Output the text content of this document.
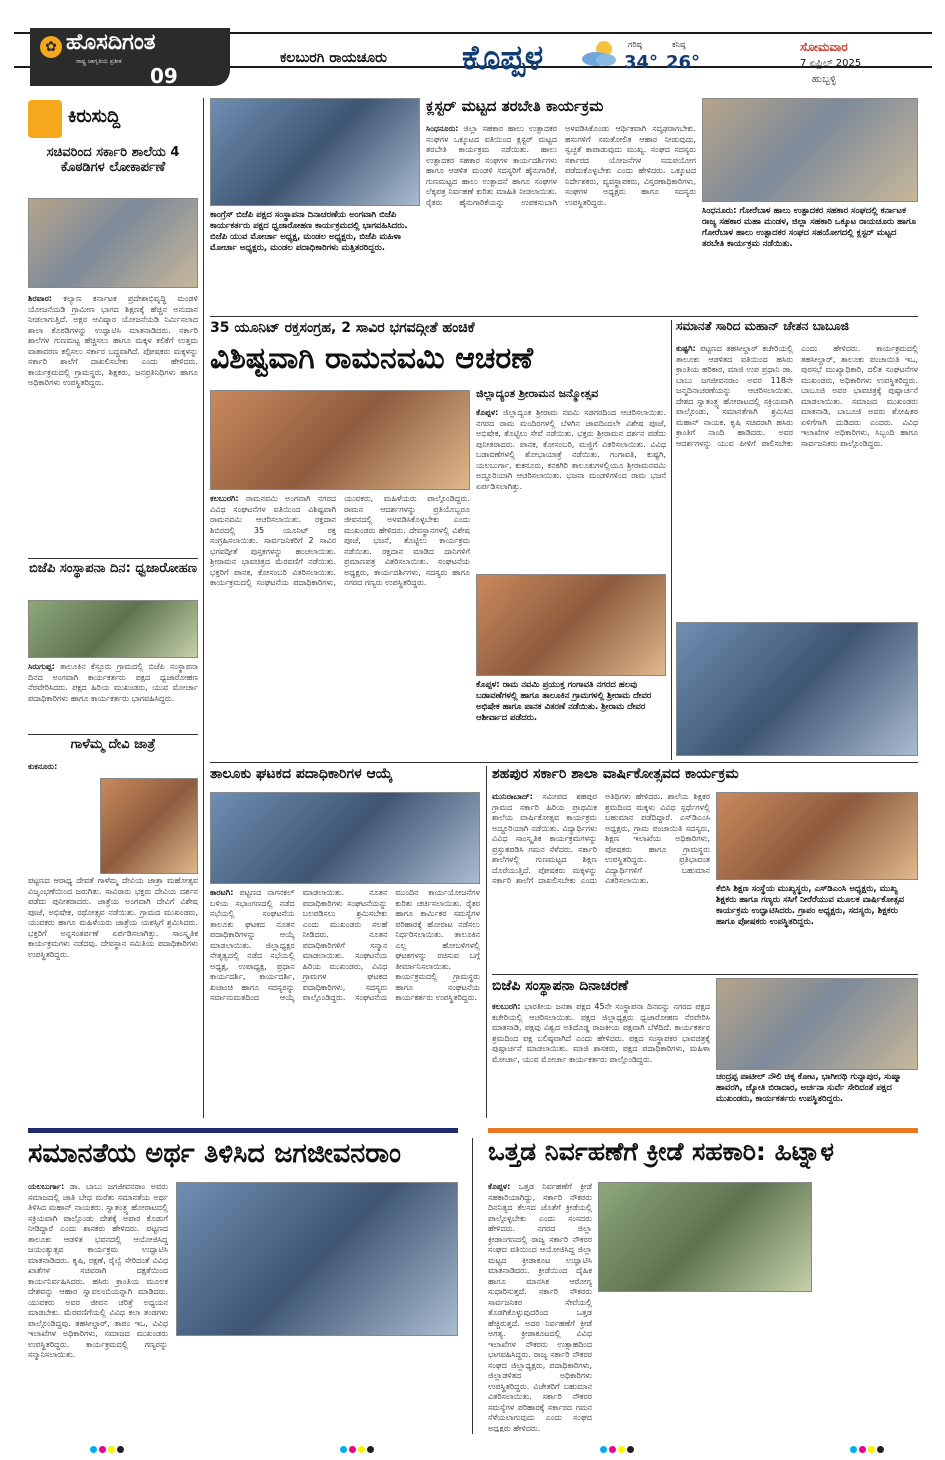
✿ ಹೊಸದಿಗಂತ
ರಾಷ್ಟ್ರ ಜಾಗೃತಿಯ ಪ್ರತೀಕ
09
ಕಲಬುರಗಿ ರಾಯಚೂರು ಕೊಪ್ಪಳ	ಗರಿಷ್ಠ	ಕನಿಷ್ಠ
34° 26°
ಸೋಮವಾರ
7 ಏಪ್ರಿಲ್ 2025
ಹುಬ್ಬಳ್ಳಿ
ಕಿರುಸುದ್ದಿ
ಸಚಿವರಿಂದ ಸರ್ಕಾರಿ ಶಾಲೆಯ 4 ಕೊಠಡಿಗಳ ಲೋಕಾರ್ಪಣೆ
ಶಿರವಾರ: ಕಲ್ಯಾಣ ಕರ್ನಾಟಕ ಪ್ರದೇಶಾಭಿವೃದ್ಧಿ ಮಂಡಳಿ ಯೋಜನೆಯಡಿ ಗ್ರಾಮೀಣ ಭಾಗದ ಶಿಕ್ಷಣಕ್ಕೆ ಹೆಚ್ಚಿನ ಅನುದಾನ ನೀಡಲಾಗುತ್ತಿದೆ. ಅಕ್ಷರ ಆವಿಷ್ಕಾರ ಯೋಜನೆಯಡಿ ನಿರ್ಮಿಸಲಾದ ಶಾಲಾ ಕೊಠಡಿಗಳನ್ನು ಉದ್ಘಾಟಿಸಿ ಮಾತನಾಡಿದರು. ಸರ್ಕಾರಿ ಶಾಲೆಗಳ ಗುಣಮಟ್ಟ ಹೆಚ್ಚಿಸಲು ಹಾಗೂ ಮಕ್ಕಳ ಕಲಿಕೆಗೆ ಉತ್ತಮ ವಾತಾವರಣ ಕಲ್ಪಿಸಲು ಸರ್ಕಾರ ಬದ್ಧವಾಗಿದೆ. ಪೋಷಕರು ಮಕ್ಕಳನ್ನು ಸರ್ಕಾರಿ ಶಾಲೆಗೆ ದಾಖಲಿಸಬೇಕು ಎಂದು ಹೇಳಿದರು. ಕಾರ್ಯಕ್ರಮದಲ್ಲಿ ಗ್ರಾಮಸ್ಥರು, ಶಿಕ್ಷಕರು, ಜನಪ್ರತಿನಿಧಿಗಳು ಹಾಗೂ ಅಧಿಕಾರಿಗಳು ಉಪಸ್ಥಿತರಿದ್ದರು.
ಬಿಜೆಪಿ ಸಂಸ್ಥಾಪನಾ ದಿನ: ಧ್ವಜಾರೋಹಣ
ಸಿರುಗುಪ್ಪ: ತಾಲೂಕಿನ ಕೆಸ್ತೂರು ಗ್ರಾಮದಲ್ಲಿ ಬಿಜೆಪಿ ಸಂಸ್ಥಾಪನಾ ದಿನದ ಅಂಗವಾಗಿ ಕಾರ್ಯಕರ್ತರು ಪಕ್ಷದ ಧ್ವಜಾರೋಹಣ ನೆರವೇರಿಸಿದರು. ಪಕ್ಷದ ಹಿರಿಯ ಮುಖಂಡರು, ಯುವ ಮೋರ್ಚಾ ಪದಾಧಿಕಾರಿಗಳು ಹಾಗೂ ಕಾರ್ಯಕರ್ತರು ಭಾಗವಹಿಸಿದ್ದರು.
ಗಾಳೆಮ್ಮ ದೇವಿ ಜಾತ್ರೆ
ಕುಕನೂರು:
ಪಟ್ಟಣದ ಆರಾಧ್ಯ ದೇವತೆ ಗಾಳೆಮ್ಮ ದೇವಿಯ ಜಾತ್ರಾ ಮಹೋತ್ಸವ ವಿಜೃಂಭಣೆಯಿಂದ ಜರುಗಿತು. ಸಾವಿರಾರು ಭಕ್ತರು ದೇವಿಯ ದರ್ಶನ ಪಡೆದು ಪುನೀತರಾದರು. ಜಾತ್ರೆಯ ಅಂಗವಾಗಿ ದೇವಿಗೆ ವಿಶೇಷ ಪೂಜೆ, ಅಭಿಷೇಕ, ರಥೋತ್ಸವ ನಡೆಯಿತು. ಗ್ರಾಮದ ಮುಖಂಡರು, ಯುವಕರು ಹಾಗೂ ಮಹಿಳೆಯರು ಜಾತ್ರೆಯ ಯಶಸ್ಸಿಗೆ ಶ್ರಮಿಸಿದರು. ಭಕ್ತರಿಗೆ ಅನ್ನಸಂತರ್ಪಣೆ ಏರ್ಪಡಿಸಲಾಗಿತ್ತು. ಸಾಂಸ್ಕೃತಿಕ ಕಾರ್ಯಕ್ರಮಗಳು ನಡೆದವು. ದೇವಸ್ಥಾನ ಸಮಿತಿಯ ಪದಾಧಿಕಾರಿಗಳು ಉಪಸ್ಥಿತರಿದ್ದರು.
ಕಾಂಗ್ರೆಸ್ ಬಿಜೆಪಿ ಪಕ್ಷದ ಸಂಸ್ಥಾಪನಾ ದಿನಾಚರಣೆಯ ಅಂಗವಾಗಿ ಬಿಜೆಪಿ ಕಾರ್ಯಕರ್ತರು ಪಕ್ಷದ ಧ್ವಜಾರೋಹಣ ಕಾರ್ಯಕ್ರಮದಲ್ಲಿ ಭಾಗವಹಿಸಿದರು. ಬಿಜೆಪಿ ಯುವ ಮೋರ್ಚಾ ಅಧ್ಯಕ್ಷ, ಮಂಡಲ ಅಧ್ಯಕ್ಷರು, ಬಿಜೆಪಿ ಮಹಿಳಾ ಮೋರ್ಚಾ ಅಧ್ಯಕ್ಷರು, ಮಂಡಲ ಪದಾಧಿಕಾರಿಗಳು ಮತ್ತಿತರರಿದ್ದರು.
ಕ್ಲಸ್ಟರ್ ಮಟ್ಟದ ತರಬೇತಿ ಕಾರ್ಯಕ್ರಮ
ಸಿಂಧನೂರು: ಜಿಲ್ಲಾ ಸಹಕಾರ ಹಾಲು ಉತ್ಪಾದಕರ ಸಂಘಗಳ ಒಕ್ಕೂಟದ ವತಿಯಿಂದ ಕ್ಲಸ್ಟರ್ ಮಟ್ಟದ ತರಬೇತಿ ಕಾರ್ಯಕ್ರಮ ನಡೆಯಿತು. ಹಾಲು ಉತ್ಪಾದಕರ ಸಹಕಾರ ಸಂಘಗಳ ಕಾರ್ಯದರ್ಶಿಗಳು ಹಾಗೂ ಆಡಳಿತ ಮಂಡಳಿ ಸದಸ್ಯರಿಗೆ ಹೈನುಗಾರಿಕೆ, ಗುಣಮಟ್ಟದ ಹಾಲು ಉತ್ಪಾದನೆ ಹಾಗೂ ಸಂಘಗಳ ಲೆಕ್ಕಪತ್ರ ನಿರ್ವಹಣೆ ಕುರಿತು ಮಾಹಿತಿ ನೀಡಲಾಯಿತು. ರೈತರು ಹೈನುಗಾರಿಕೆಯನ್ನು ಉಪಕಸುಬಾಗಿ ಅಳವಡಿಸಿಕೊಂಡು ಆರ್ಥಿಕವಾಗಿ ಸದೃಢರಾಗಬೇಕು. ಹಸುಗಳಿಗೆ ಸಮತೋಲಿತ ಆಹಾರ ನೀಡುವುದು, ಸ್ವಚ್ಛತೆ ಕಾಪಾಡುವುದು ಮುಖ್ಯ. ಸಂಘದ ಸದಸ್ಯರು ಸರ್ಕಾರದ ಯೋಜನೆಗಳ ಸದುಪಯೋಗ ಪಡೆದುಕೊಳ್ಳಬೇಕು ಎಂದು ಹೇಳಿದರು. ಒಕ್ಕೂಟದ ನಿರ್ದೇಶಕರು, ವ್ಯವಸ್ಥಾಪಕರು, ವಿಸ್ತರಣಾಧಿಕಾರಿಗಳು, ಸಂಘಗಳ ಅಧ್ಯಕ್ಷರು ಹಾಗೂ ಸದಸ್ಯರು ಉಪಸ್ಥಿತರಿದ್ದರು.
ಸಿಂಧನೂರು: ಗೋರೆಬಾಳ ಹಾಲು ಉತ್ಪಾದಕರ ಸಹಕಾರ ಸಂಘದಲ್ಲಿ ಕರ್ನಾಟಕ ರಾಜ್ಯ ಸಹಕಾರ ಮಹಾ ಮಂಡಳ, ಜಿಲ್ಲಾ ಸಹಕಾರಿ ಒಕ್ಕೂಟ ರಾಯಚೂರು ಹಾಗೂ ಗೋರೆಬಾಳ ಹಾಲು ಉತ್ಪಾದಕರ ಸಂಘದ ಸಹಯೋಗದಲ್ಲಿ ಕ್ಲಸ್ಟರ್ ಮಟ್ಟದ ತರಬೇತಿ ಕಾರ್ಯಕ್ರಮ ನಡೆಯಿತು.
35 ಯೂನಿಟ್ ರಕ್ತಸಂಗ್ರಹ, 2 ಸಾವಿರ ಭಗವದ್ಗೀತೆ ಹಂಚಿಕೆ
ವಿಶಿಷ್ಟವಾಗಿ ರಾಮನವಮಿ ಆಚರಣೆ
ಕಲಬುರಗಿ: ರಾಮನವಮಿ ಅಂಗವಾಗಿ ನಗರದ ವಿವಿಧ ಸಂಘಟನೆಗಳ ವತಿಯಿಂದ ವಿಶಿಷ್ಟವಾಗಿ ರಾಮನವಮಿ ಆಚರಿಸಲಾಯಿತು. ರಕ್ತದಾನ ಶಿಬಿರದಲ್ಲಿ 35 ಯೂನಿಟ್ ರಕ್ತ ಸಂಗ್ರಹಿಸಲಾಯಿತು. ಸಾರ್ವಜನಿಕರಿಗೆ 2 ಸಾವಿರ ಭಗವದ್ಗೀತೆ ಪುಸ್ತಕಗಳನ್ನು ಹಂಚಲಾಯಿತು. ಶ್ರೀರಾಮನ ಭಾವಚಿತ್ರದ ಮೆರವಣಿಗೆ ನಡೆಯಿತು. ಭಕ್ತರಿಗೆ ಪಾನಕ, ಕೋಸಂಬರಿ ವಿತರಿಸಲಾಯಿತು. ಕಾರ್ಯಕ್ರಮದಲ್ಲಿ ಸಂಘಟನೆಯ ಪದಾಧಿಕಾರಿಗಳು, ಯುವಕರು, ಮಹಿಳೆಯರು ಪಾಲ್ಗೊಂಡಿದ್ದರು. ರಾಮನ ಆದರ್ಶಗಳನ್ನು ಪ್ರತಿಯೊಬ್ಬರೂ ಜೀವನದಲ್ಲಿ ಅಳವಡಿಸಿಕೊಳ್ಳಬೇಕು ಎಂದು ಮುಖಂಡರು ಹೇಳಿದರು. ದೇವಸ್ಥಾನಗಳಲ್ಲಿ ವಿಶೇಷ ಪೂಜೆ, ಭಜನೆ, ತೊಟ್ಟಿಲು ಕಾರ್ಯಕ್ರಮ ನಡೆಯಿತು. ರಕ್ತದಾನ ಮಾಡಿದ ದಾನಿಗಳಿಗೆ ಪ್ರಮಾಣಪತ್ರ ವಿತರಿಸಲಾಯಿತು. ಸಂಘಟನೆಯ ಅಧ್ಯಕ್ಷರು, ಕಾರ್ಯದರ್ಶಿಗಳು, ಸದಸ್ಯರು ಹಾಗೂ ನಗರದ ಗಣ್ಯರು ಉಪಸ್ಥಿತರಿದ್ದರು.
ಜಿಲ್ಲಾದ್ಯಂತ ಶ್ರೀರಾಮನ ಜನ್ಮೋತ್ಸವ
ಕೊಪ್ಪಳ: ಜಿಲ್ಲಾದ್ಯಂತ ಶ್ರೀರಾಮ ನವಮಿ ಸಡಗರದಿಂದ ಆಚರಿಸಲಾಯಿತು. ನಗರದ ರಾಮ ಮಂದಿರಗಳಲ್ಲಿ ಬೆಳಗಿನ ಜಾವದಿಂದಲೇ ವಿಶೇಷ ಪೂಜೆ, ಅಭಿಷೇಕ, ತೊಟ್ಟಿಲು ಸೇವೆ ನಡೆಯಿತು. ಭಕ್ತರು ಶ್ರೀರಾಮನ ದರ್ಶನ ಪಡೆದು ಪುನೀತರಾದರು. ಪಾನಕ, ಕೋಸಂಬರಿ, ಮಜ್ಜಿಗೆ ವಿತರಿಸಲಾಯಿತು. ವಿವಿಧ ಬಡಾವಣೆಗಳಲ್ಲಿ ಶೋಭಾಯಾತ್ರೆ ನಡೆಯಿತು. ಗಂಗಾವತಿ, ಕುಷ್ಟಗಿ, ಯಲಬುರ್ಗಾ, ಕುಕನೂರು, ಕನಕಗಿರಿ ತಾಲೂಕುಗಳಲ್ಲಿಯೂ ಶ್ರೀರಾಮನವಮಿ ಅದ್ದೂರಿಯಾಗಿ ಆಚರಿಸಲಾಯಿತು. ಭಜನಾ ಮಂಡಳಿಗಳಿಂದ ರಾಮ ಭಜನೆ ಏರ್ಪಡಿಸಲಾಗಿತ್ತು.
ಕೊಪ್ಪಳ: ರಾಮ ನವಮಿ ಪ್ರಯುಕ್ತ ಗಂಗಾವತಿ ನಗರದ ಹಲವು ಬಡಾವಣೆಗಳಲ್ಲಿ ಹಾಗೂ ತಾಲೂಕಿನ ಗ್ರಾಮಗಳಲ್ಲಿ ಶ್ರೀರಾಮ ದೇವರ ಅಭಿಷೇಕ ಹಾಗೂ ಪಾನಕ ವಿತರಣೆ ನಡೆಯಿತು. ಶ್ರೀರಾಮ ದೇವರ ಆಶೀರ್ವಾದ ಪಡೆದರು.
ಸಮಾನತೆ ಸಾರಿದ ಮಹಾನ್ ಚೇತನ ಬಾಬೂಜಿ
ಕುಷ್ಟಗಿ: ಪಟ್ಟಣದ ತಹಸೀಲ್ದಾರ್ ಕಚೇರಿಯಲ್ಲಿ ತಾಲೂಕು ಆಡಳಿತದ ವತಿಯಿಂದ ಹಸಿರು ಕ್ರಾಂತಿಯ ಹರಿಕಾರ, ಮಾಜಿ ಉಪ ಪ್ರಧಾನಿ ಡಾ. ಬಾಬು ಜಗಜೀವನರಾಂ ಅವರ 118ನೇ ಜನ್ಮದಿನಾಚರಣೆಯನ್ನು ಆಚರಿಸಲಾಯಿತು. ದೇಶದ ಸ್ವಾತಂತ್ರ್ಯ ಹೋರಾಟದಲ್ಲಿ ಸಕ್ರಿಯವಾಗಿ ಪಾಲ್ಗೊಂಡು, ಸಮಾನತೆಗಾಗಿ ಶ್ರಮಿಸಿದ ಮಹಾನ್ ನಾಯಕ. ಕೃಷಿ ಸಚಿವರಾಗಿ ಹಸಿರು ಕ್ರಾಂತಿಗೆ ನಾಂದಿ ಹಾಡಿದರು. ಅವರ ಆದರ್ಶಗಳನ್ನು ಯುವ ಪೀಳಿಗೆ ಪಾಲಿಸಬೇಕು ಎಂದು ಹೇಳಿದರು. ಕಾರ್ಯಕ್ರಮದಲ್ಲಿ ತಹಸೀಲ್ದಾರ್, ತಾಲೂಕು ಪಂಚಾಯಿತಿ ಇಒ, ಪುರಸಭೆ ಮುಖ್ಯಾಧಿಕಾರಿ, ದಲಿತ ಸಂಘಟನೆಗಳ ಮುಖಂಡರು, ಅಧಿಕಾರಿಗಳು ಉಪಸ್ಥಿತರಿದ್ದರು. ಬಾಬೂಜಿ ಅವರ ಭಾವಚಿತ್ರಕ್ಕೆ ಪುಷ್ಪಾರ್ಚನೆ ಮಾಡಲಾಯಿತು. ಸಮಾಜದ ಮುಖಂಡರು ಮಾತನಾಡಿ, ಬಾಬೂಜಿ ಅವರು ಶೋಷಿತರ ಏಳಿಗೆಗಾಗಿ ದುಡಿದರು ಎಂದರು. ವಿವಿಧ ಇಲಾಖೆಗಳ ಅಧಿಕಾರಿಗಳು, ಸಿಬ್ಬಂದಿ ಹಾಗೂ ಸಾರ್ವಜನಿಕರು ಪಾಲ್ಗೊಂಡಿದ್ದರು.
ತಾಲೂಕು ಘಟಕದ ಪದಾಧಿಕಾರಿಗಳ ಆಯ್ಕೆ
ಕಾರಟಗಿ: ಪಟ್ಟಣದ ನಾಗನಕಲ್ ಬಳಿಯ ಸಭಾಂಗಣದಲ್ಲಿ ನಡೆದ ಸಭೆಯಲ್ಲಿ ಸಂಘಟನೆಯ ತಾಲೂಕು ಘಟಕದ ನೂತನ ಪದಾಧಿಕಾರಿಗಳನ್ನು ಆಯ್ಕೆ ಮಾಡಲಾಯಿತು. ಜಿಲ್ಲಾಧ್ಯಕ್ಷರ ನೇತೃತ್ವದಲ್ಲಿ ನಡೆದ ಸಭೆಯಲ್ಲಿ ಅಧ್ಯಕ್ಷ, ಉಪಾಧ್ಯಕ್ಷ, ಪ್ರಧಾನ ಕಾರ್ಯದರ್ಶಿ, ಕಾರ್ಯದರ್ಶಿ, ಖಜಾಂಚಿ ಹಾಗೂ ಸದಸ್ಯರನ್ನು ಸರ್ವಾನುಮತದಿಂದ ಆಯ್ಕೆ ಮಾಡಲಾಯಿತು. ನೂತನ ಪದಾಧಿಕಾರಿಗಳು ಸಂಘಟನೆಯನ್ನು ಬಲಪಡಿಸಲು ಶ್ರಮಿಸಬೇಕು ಎಂದು ಮುಖಂಡರು ಸಲಹೆ ನೀಡಿದರು. ನೂತನ ಪದಾಧಿಕಾರಿಗಳಿಗೆ ಸನ್ಮಾನ ಮಾಡಲಾಯಿತು. ಸಂಘಟನೆಯ ಹಿರಿಯ ಮುಖಂಡರು, ವಿವಿಧ ಗ್ರಾಮಗಳ ಘಟಕದ ಪದಾಧಿಕಾರಿಗಳು, ಸದಸ್ಯರು ಪಾಲ್ಗೊಂಡಿದ್ದರು. ಸಂಘಟನೆಯ ಮುಂದಿನ ಕಾರ್ಯಯೋಜನೆಗಳ ಕುರಿತು ಚರ್ಚಿಸಲಾಯಿತು. ರೈತರ ಹಾಗೂ ಕಾರ್ಮಿಕರ ಸಮಸ್ಯೆಗಳ ಪರಿಹಾರಕ್ಕೆ ಹೋರಾಟ ನಡೆಸಲು ನಿರ್ಧರಿಸಲಾಯಿತು. ತಾಲೂಕಿನ ಎಲ್ಲ ಹೋಬಳಿಗಳಲ್ಲಿ ಘಟಕಗಳನ್ನು ರಚಿಸುವ ಬಗ್ಗೆ ತೀರ್ಮಾನಿಸಲಾಯಿತು. ಕಾರ್ಯಕ್ರಮದಲ್ಲಿ ಗ್ರಾಮಸ್ಥರು ಹಾಗೂ ಸಂಘಟನೆಯ ಕಾರ್ಯಕರ್ತರು ಉಪಸ್ಥಿತರಿದ್ದರು.
ಶಹಪುರ ಸರ್ಕಾರಿ ಶಾಲಾ ವಾರ್ಷಿಕೋತ್ಸವದ ಕಾರ್ಯಕ್ರಮ
ಮುನಿರಾಬಾದ್: ಸಮೀಪದ ಶಹಪುರ ಗ್ರಾಮದ ಸರ್ಕಾರಿ ಹಿರಿಯ ಪ್ರಾಥಮಿಕ ಶಾಲೆಯ ವಾರ್ಷಿಕೋತ್ಸವ ಕಾರ್ಯಕ್ರಮ ಅದ್ದೂರಿಯಾಗಿ ನಡೆಯಿತು. ವಿದ್ಯಾರ್ಥಿಗಳು ವಿವಿಧ ಸಾಂಸ್ಕೃತಿಕ ಕಾರ್ಯಕ್ರಮಗಳನ್ನು ಪ್ರಸ್ತುತಪಡಿಸಿ ಗಮನ ಸೆಳೆದರು. ಸರ್ಕಾರಿ ಶಾಲೆಗಳಲ್ಲಿ ಗುಣಮಟ್ಟದ ಶಿಕ್ಷಣ ದೊರೆಯುತ್ತಿದೆ. ಪೋಷಕರು ಮಕ್ಕಳನ್ನು ಸರ್ಕಾರಿ ಶಾಲೆಗೆ ದಾಖಲಿಸಬೇಕು ಎಂದು ಅತಿಥಿಗಳು ಹೇಳಿದರು. ಶಾಲೆಯ ಶಿಕ್ಷಕರ ಶ್ರಮದಿಂದ ಮಕ್ಕಳು ವಿವಿಧ ಸ್ಪರ್ಧೆಗಳಲ್ಲಿ ಬಹುಮಾನ ಪಡೆದಿದ್ದಾರೆ. ಎಸ್‌ಡಿಎಂಸಿ ಅಧ್ಯಕ್ಷರು, ಗ್ರಾಮ ಪಂಚಾಯಿತಿ ಸದಸ್ಯರು, ಶಿಕ್ಷಣ ಇಲಾಖೆಯ ಅಧಿಕಾರಿಗಳು, ಪೋಷಕರು ಹಾಗೂ ಗ್ರಾಮಸ್ಥರು ಉಪಸ್ಥಿತರಿದ್ದರು. ಪ್ರತಿಭಾವಂತ ವಿದ್ಯಾರ್ಥಿಗಳಿಗೆ ಬಹುಮಾನ ವಿತರಿಸಲಾಯಿತು.
ಕೆಬಿಸಿ ಶಿಕ್ಷಣ ಸಂಸ್ಥೆಯ ಮುಖ್ಯಸ್ಥರು, ಎಸ್‌ಡಿಎಂಸಿ ಅಧ್ಯಕ್ಷರು, ಮುಖ್ಯ ಶಿಕ್ಷಕರು ಹಾಗೂ ಗಣ್ಯರು ಸಸಿಗೆ ನೀರೆರೆಯುವ ಮೂಲಕ ವಾರ್ಷಿಕೋತ್ಸವ ಕಾರ್ಯಕ್ರಮ ಉದ್ಘಾಟಿಸಿದರು. ಗ್ರಾಪಂ ಅಧ್ಯಕ್ಷರು, ಸದಸ್ಯರು, ಶಿಕ್ಷಕರು ಹಾಗೂ ಪೋಷಕರು ಉಪಸ್ಥಿತರಿದ್ದರು.
ಬಿಜೆಪಿ ಸಂಸ್ಥಾಪನಾ ದಿನಾಚರಣೆ
ಕಲಬುರಗಿ: ಭಾರತೀಯ ಜನತಾ ಪಕ್ಷದ 45ನೇ ಸಂಸ್ಥಾಪನಾ ದಿನವನ್ನು ನಗರದ ಪಕ್ಷದ ಕಚೇರಿಯಲ್ಲಿ ಆಚರಿಸಲಾಯಿತು. ಪಕ್ಷದ ಜಿಲ್ಲಾಧ್ಯಕ್ಷರು ಧ್ವಜಾರೋಹಣ ನೆರವೇರಿಸಿ ಮಾತನಾಡಿ, ಪಕ್ಷವು ವಿಶ್ವದ ಅತಿದೊಡ್ಡ ರಾಜಕೀಯ ಪಕ್ಷವಾಗಿ ಬೆಳೆದಿದೆ. ಕಾರ್ಯಕರ್ತರ ಶ್ರಮದಿಂದ ಪಕ್ಷ ಬಲಿಷ್ಠವಾಗಿದೆ ಎಂದು ಹೇಳಿದರು. ಪಕ್ಷದ ಸಂಸ್ಥಾಪಕರ ಭಾವಚಿತ್ರಕ್ಕೆ ಪುಷ್ಪಾರ್ಚನೆ ಮಾಡಲಾಯಿತು. ಮಾಜಿ ಶಾಸಕರು, ಪಕ್ಷದ ಪದಾಧಿಕಾರಿಗಳು, ಮಹಿಳಾ ಮೋರ್ಚಾ, ಯುವ ಮೋರ್ಚಾ ಕಾರ್ಯಕರ್ತರು ಪಾಲ್ಗೊಂಡಿದ್ದರು.
ಚಂದ್ರಪ್ಪ ಪಾಟೀಲ್ ನೌಲಿ ಚಿಕ್ಕ ಕೋಟ, ಭಾಗೀರಥಿ ಗುನ್ನಾಪುರ, ಸುಷ್ಮಾ ಹಾವರಗಿ, ಜ್ಯೋತಿ ಬಿರಾದಾರ, ಅರ್ಚನಾ ಸುರ್ವೆ ಸೇರಿದಂತೆ ಪಕ್ಷದ ಮುಖಂಡರು, ಕಾರ್ಯಕರ್ತರು ಉಪಸ್ಥಿತರಿದ್ದರು.
ಸಮಾನತೆಯ ಅರ್ಥ ತಿಳಿಸಿದ ಜಗಜೀವನರಾಂ
ಯಲಬುರ್ಗಾ: ಡಾ. ಬಾಬು ಜಗಜೀವನರಾಂ ಅವರು ಸಮಾಜದಲ್ಲಿ ಜಾತಿ ಬೇಧ ಮರೆತು ಸಮಾನತೆಯ ಅರ್ಥ ತಿಳಿಸಿದ ಮಹಾನ್ ನಾಯಕರು. ಸ್ವಾತಂತ್ರ್ಯ ಹೋರಾಟದಲ್ಲಿ ಸಕ್ರಿಯವಾಗಿ ಪಾಲ್ಗೊಂಡು ದೇಶಕ್ಕೆ ಅಪಾರ ಕೊಡುಗೆ ನೀಡಿದ್ದಾರೆ ಎಂದು ಶಾಸಕರು ಹೇಳಿದರು. ಪಟ್ಟಣದ ತಾಲೂಕು ಆಡಳಿತ ಭವನದಲ್ಲಿ ಆಯೋಜಿಸಿದ್ದ ಜಯಂತ್ಯುತ್ಸವ ಕಾರ್ಯಕ್ರಮ ಉದ್ಘಾಟಿಸಿ ಮಾತನಾಡಿದರು. ಕೃಷಿ, ರಕ್ಷಣೆ, ರೈಲ್ವೆ ಸೇರಿದಂತೆ ವಿವಿಧ ಖಾತೆಗಳ ಸಚಿವರಾಗಿ ದಕ್ಷತೆಯಿಂದ ಕಾರ್ಯನಿರ್ವಹಿಸಿದರು. ಹಸಿರು ಕ್ರಾಂತಿಯ ಮೂಲಕ ದೇಶವನ್ನು ಆಹಾರ ಸ್ವಾವಲಂಬಿಯನ್ನಾಗಿ ಮಾಡಿದರು. ಯುವಕರು ಅವರ ಜೀವನ ಚರಿತ್ರೆ ಅಧ್ಯಯನ ಮಾಡಬೇಕು. ಮೆರವಣಿಗೆಯಲ್ಲಿ ವಿವಿಧ ಕಲಾ ತಂಡಗಳು ಪಾಲ್ಗೊಂಡಿದ್ದವು. ತಹಸೀಲ್ದಾರ್, ತಾಪಂ ಇಒ, ವಿವಿಧ ಇಲಾಖೆಗಳ ಅಧಿಕಾರಿಗಳು, ಸಮಾಜದ ಮುಖಂಡರು ಉಪಸ್ಥಿತರಿದ್ದರು. ಕಾರ್ಯಕ್ರಮದಲ್ಲಿ ಗಣ್ಯರನ್ನು ಸನ್ಮಾನಿಸಲಾಯಿತು.
ಒತ್ತಡ ನಿರ್ವಹಣೆಗೆ ಕ್ರೀಡೆ ಸಹಕಾರಿ: ಹಿಟ್ನಾಳ
ಕೊಪ್ಪಳ: ಒತ್ತಡ ನಿರ್ವಹಣೆಗೆ ಕ್ರೀಡೆ ಸಹಕಾರಿಯಾಗಿದ್ದು, ಸರ್ಕಾರಿ ನೌಕರರು ದಿನನಿತ್ಯದ ಕೆಲಸದ ಜೊತೆಗೆ ಕ್ರೀಡೆಯಲ್ಲಿ ಪಾಲ್ಗೊಳ್ಳಬೇಕು ಎಂದು ಸಂಸದರು ಹೇಳಿದರು. ನಗರದ ಜಿಲ್ಲಾ ಕ್ರೀಡಾಂಗಣದಲ್ಲಿ ರಾಜ್ಯ ಸರ್ಕಾರಿ ನೌಕರರ ಸಂಘದ ವತಿಯಿಂದ ಆಯೋಜಿಸಿದ್ದ ಜಿಲ್ಲಾ ಮಟ್ಟದ ಕ್ರೀಡಾಕೂಟ ಉದ್ಘಾಟಿಸಿ ಮಾತನಾಡಿದರು. ಕ್ರೀಡೆಯಿಂದ ದೈಹಿಕ ಹಾಗೂ ಮಾನಸಿಕ ಆರೋಗ್ಯ ಸುಧಾರಿಸುತ್ತದೆ. ಸರ್ಕಾರಿ ನೌಕರರು ಸಾರ್ವಜನಿಕರ ಸೇವೆಯಲ್ಲಿ ತೊಡಗಿಕೊಳ್ಳುವುದರಿಂದ ಒತ್ತಡ ಹೆಚ್ಚಿರುತ್ತದೆ. ಅದರ ನಿರ್ವಹಣೆಗೆ ಕ್ರೀಡೆ ಅಗತ್ಯ. ಕ್ರೀಡಾಕೂಟದಲ್ಲಿ ವಿವಿಧ ಇಲಾಖೆಗಳ ನೌಕರರು ಉತ್ಸಾಹದಿಂದ ಭಾಗವಹಿಸಿದ್ದರು. ರಾಜ್ಯ ಸರ್ಕಾರಿ ನೌಕರರ ಸಂಘದ ಜಿಲ್ಲಾಧ್ಯಕ್ಷರು, ಪದಾಧಿಕಾರಿಗಳು, ಜಿಲ್ಲಾಡಳಿತದ ಅಧಿಕಾರಿಗಳು ಉಪಸ್ಥಿತರಿದ್ದರು. ವಿಜೇತರಿಗೆ ಬಹುಮಾನ ವಿತರಿಸಲಾಯಿತು. ಸರ್ಕಾರಿ ನೌಕರರ ಸಮಸ್ಯೆಗಳ ಪರಿಹಾರಕ್ಕೆ ಸರ್ಕಾರದ ಗಮನ ಸೆಳೆಯಲಾಗುವುದು ಎಂದು ಸಂಘದ ಅಧ್ಯಕ್ಷರು ಹೇಳಿದರು.
